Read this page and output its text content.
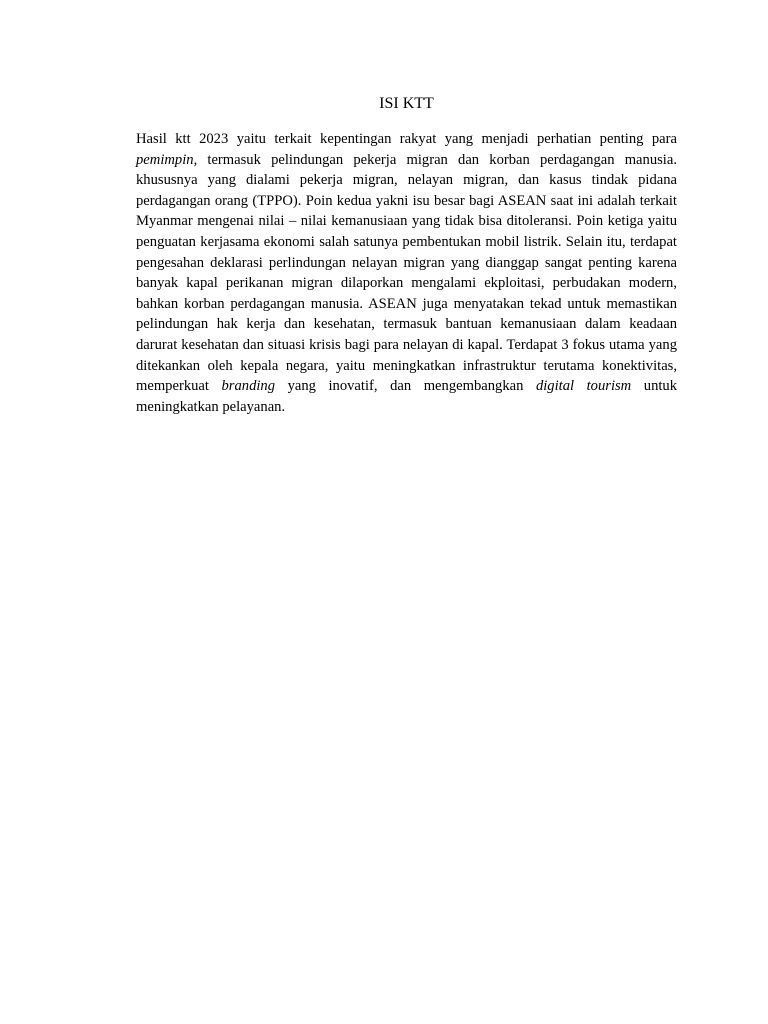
ISI KTT

Hasil ktt 2023 yaitu terkait kepentingan rakyat yang menjadi perhatian penting para pemimpin, termasuk pelindungan pekerja migran dan korban perdagangan manusia. khususnya yang dialami pekerja migran, nelayan migran, dan kasus tindak pidana perdagangan orang (TPPO). Poin kedua yakni isu besar bagi ASEAN saat ini adalah terkait Myanmar mengenai nilai – nilai kemanusiaan yang tidak bisa ditoleransi. Poin ketiga yaitu penguatan kerjasama ekonomi salah satunya pembentukan mobil listrik. Selain itu, terdapat pengesahan deklarasi perlindungan nelayan migran yang dianggap sangat penting karena banyak kapal perikanan migran dilaporkan mengalami ekploitasi, perbudakan modern, bahkan korban perdagangan manusia. ASEAN juga menyatakan tekad untuk memastikan pelindungan hak kerja dan kesehatan, termasuk bantuan kemanusiaan dalam keadaan darurat kesehatan dan situasi krisis bagi para nelayan di kapal. Terdapat 3 fokus utama yang ditekankan oleh kepala negara, yaitu meningkatkan infrastruktur terutama konektivitas, memperkuat branding yang inovatif, dan mengembangkan digital tourism untuk meningkatkan pelayanan.
